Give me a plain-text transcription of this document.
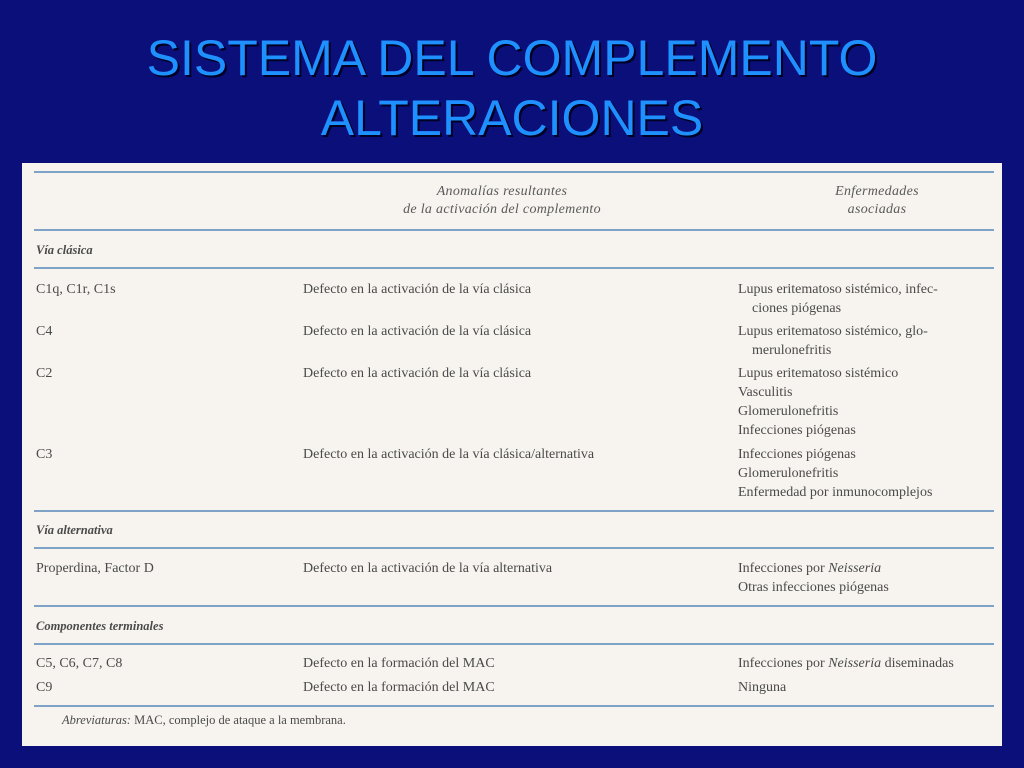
SISTEMA DEL COMPLEMENTO
ALTERACIONES
Anomalías resultantes
de la activación del complemento
Enfermedades
asociadas
Vía clásica
C1q, C1r, C1s	Defecto en la activación de la vía clásica	Lupus eritematoso sistémico, infec-
ciones piógenas
C4	Defecto en la activación de la vía clásica	Lupus eritematoso sistémico, glo-
merulonefritis
C2	Defecto en la activación de la vía clásica	Lupus eritematoso sistémico
Vasculitis
Glomerulonefritis
Infecciones piógenas
C3	Defecto en la activación de la vía clásica/alternativa	Infecciones piógenas
Glomerulonefritis
Enfermedad por inmunocomplejos
Vía alternativa
Properdina, Factor D	Defecto en la activación de la vía alternativa	Infecciones por Neisseria
Otras infecciones piógenas
Componentes terminales
C5, C6, C7, C8	Defecto en la formación del MAC	Infecciones por Neisseria diseminadas
C9	Defecto en la formación del MAC	Ninguna
Abreviaturas: MAC, complejo de ataque a la membrana.
